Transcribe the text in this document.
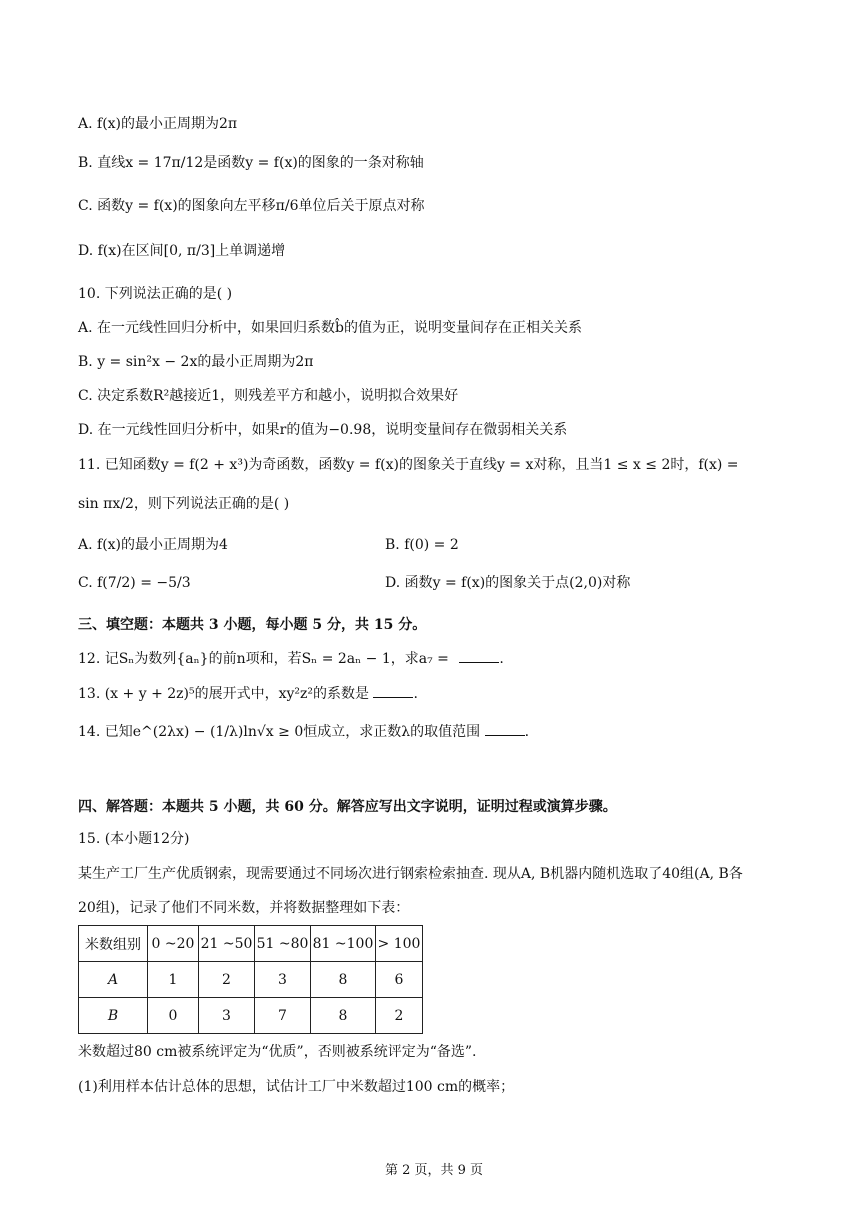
A. f(x)的最小正周期为2π
B. 直线x = 17π/12是函数y = f(x)的图象的一条对称轴
C. 函数y = f(x)的图象向左平移π/6单位后关于原点对称
D. f(x)在区间[0, π/3]上单调递增
10. 下列说法正确的是( )
A. 在一元线性回归分析中，如果回归系数b̂的值为正，说明变量间存在正相关关系
B. y = sin²x − 2x的最小正周期为2π
C. 决定系数R²越接近1，则残差平方和越小，说明拟合效果好
D. 在一元线性回归分析中，如果r的值为−0.98，说明变量间存在微弱相关关系
11. 已知函数y = f(2 + x³)为奇函数，函数y = f(x)的图象关于直线y = x对称，且当1 ≤ x ≤ 2时，f(x) =
sin πx/2，则下列说法正确的是( )
A. f(x)的最小正周期为4	B. f(0) = 2
C. f(7/2) = −5/3	D. 函数y = f(x)的图象关于点(2,0)对称
三、填空题：本题共 3 小题，每小题 5 分，共 15 分。
12. 记Sₙ为数列{aₙ}的前n项和，若Sₙ = 2aₙ − 1，求a₇ =	.
13. (x + y + 2z)⁵的展开式中，xy²z²的系数是	.
14. 已知e^(2λx) − (1/λ)ln√x ≥ 0恒成立，求正数λ的取值范围	.
四、解答题：本题共 5 小题，共 60 分。解答应写出文字说明，证明过程或演算步骤。
15. (本小题12分)
某生产工厂生产优质钢索，现需要通过不同场次进行钢索检索抽查. 现从A, B机器内随机选取了40组(A, B各
20组)，记录了他们不同米数，并将数据整理如下表：
米数组别	0 ~20	21 ~50	51 ~80	81 ~100	> 100
A	1	2	3	8	6
B	0	3	7	8	2
米数超过80 cm被系统评定为“优质”，否则被系统评定为“备选”.
(1)利用样本估计总体的思想，试估计工厂中米数超过100 cm的概率；
第 2 页，共 9 页
